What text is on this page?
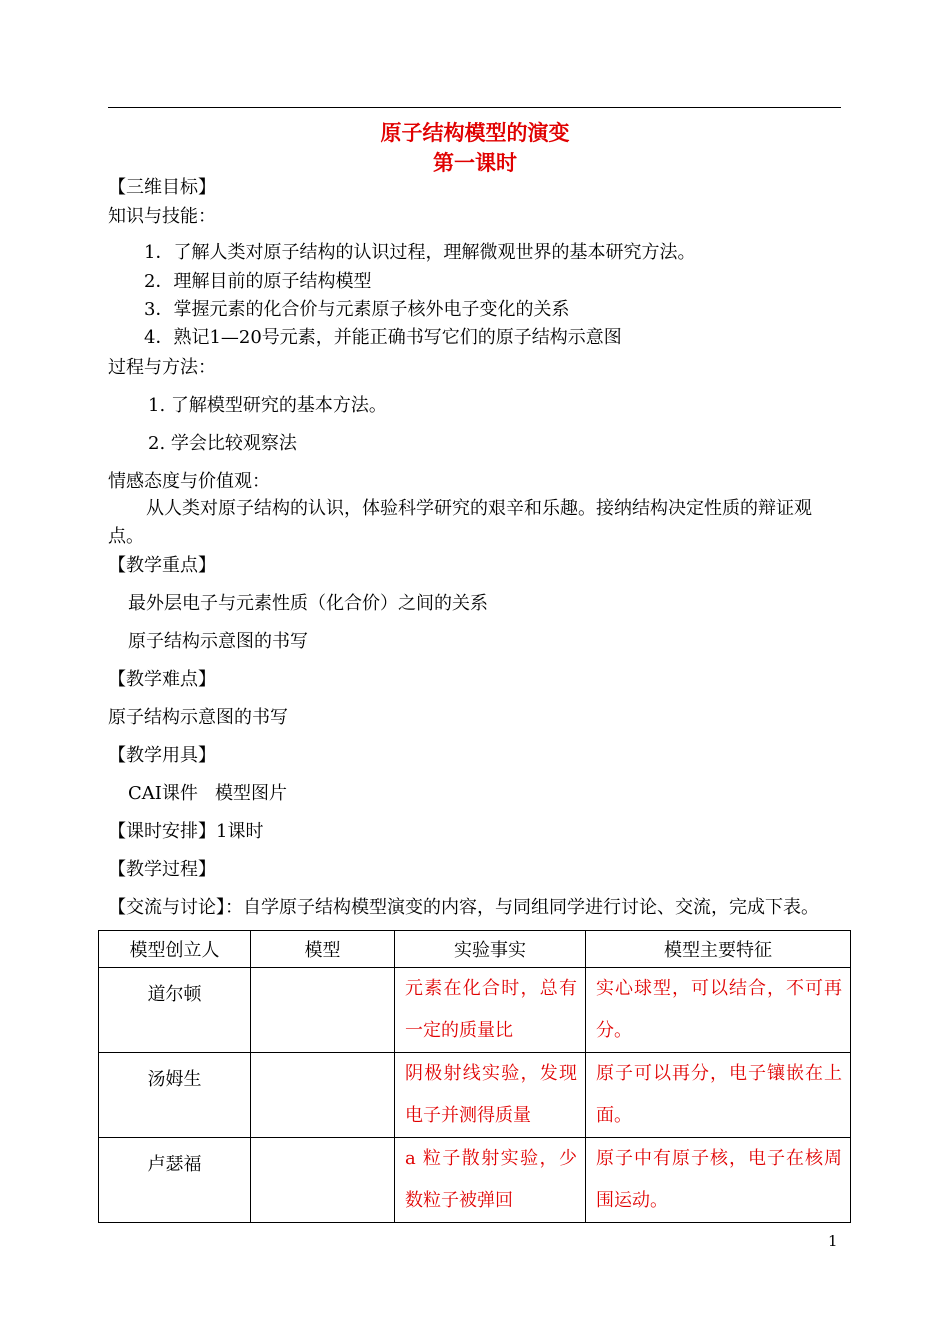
原子结构模型的演变
第一课时
【三维目标】
知识与技能：
1．了解人类对原子结构的认识过程，理解微观世界的基本研究方法。
2．理解目前的原子结构模型
3．掌握元素的化合价与元素原子核外电子变化的关系
4．熟记1—20号元素，并能正确书写它们的原子结构示意图
过程与方法：
1. 了解模型研究的基本方法。
2. 学会比较观察法
情感态度与价值观：
从人类对原子结构的认识，体验科学研究的艰辛和乐趣。接纳结构决定性质的辩证观点。
【教学重点】
最外层电子与元素性质（化合价）之间的关系
原子结构示意图的书写
【教学难点】
原子结构示意图的书写
【教学用具】
CAI课件   模型图片
【课时安排】1课时
【教学过程】
【交流与讨论】：自学原子结构模型演变的内容，与同组同学进行讨论、交流，完成下表。
模型创立人	模型	实验事实	模型主要特征
道尔顿		元素在化合时，总有一定的质量比	实心球型，可以结合，不可再分。
汤姆生		阴极射线实验，发现电子并测得质量	原子可以再分，电子镶嵌在上面。
卢瑟福		a 粒子散射实验，少数粒子被弹回	原子中有原子核，电子在核周围运动。
1
